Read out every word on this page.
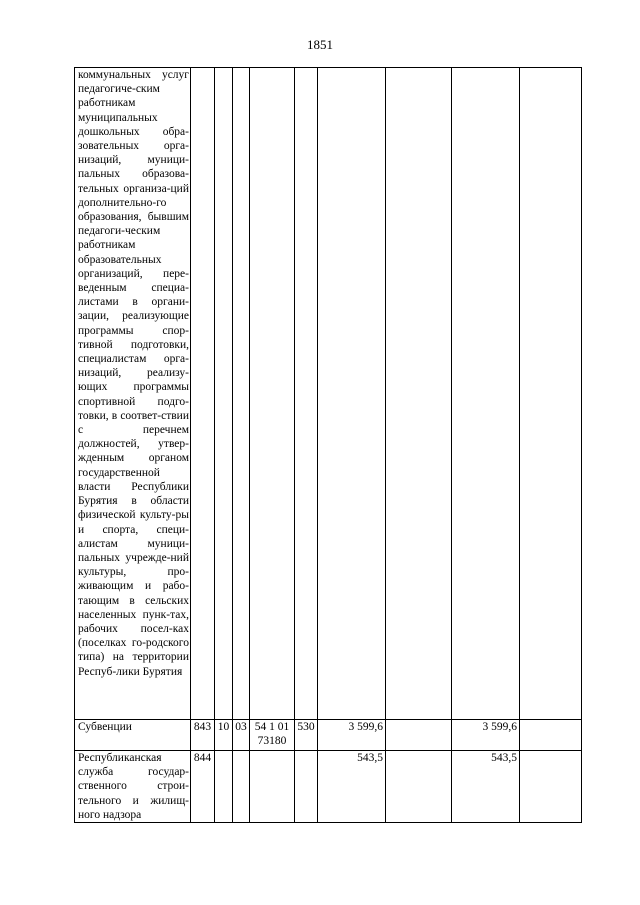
1851
коммунальных услуг педагогиче-ским работникам муниципальных дошкольных обра-зовательных орга-низаций, муници-пальных образова-тельных организа-ций дополнительно-го образования, бывшим педагоги-ческим работникам образовательных организаций, пере-веденным специа-листами в органи-зации, реализующие программы спор-тивной подготовки, специалистам орга-низаций, реализу-ющих программы спортивной подго-товки, в соответ-ствии с перечнем должностей, утвер-жденным органом государственной власти Республики Бурятия в области физической культу-ры и спорта, специ-алистам муници-пальных учрежде-ний культуры, про-живающим и рабо-тающим в сельских населенных пунк-тах, рабочих посел-ках (поселках го-родского типа) на территории Респуб-лики Бурятия									
Субвенции	843	10	03	54 1 01 73180	530	3 599,6		3 599,6	
Республиканская служба государ-ственного строи-тельного и жилищ-ного надзора	844					543,5		543,5	
